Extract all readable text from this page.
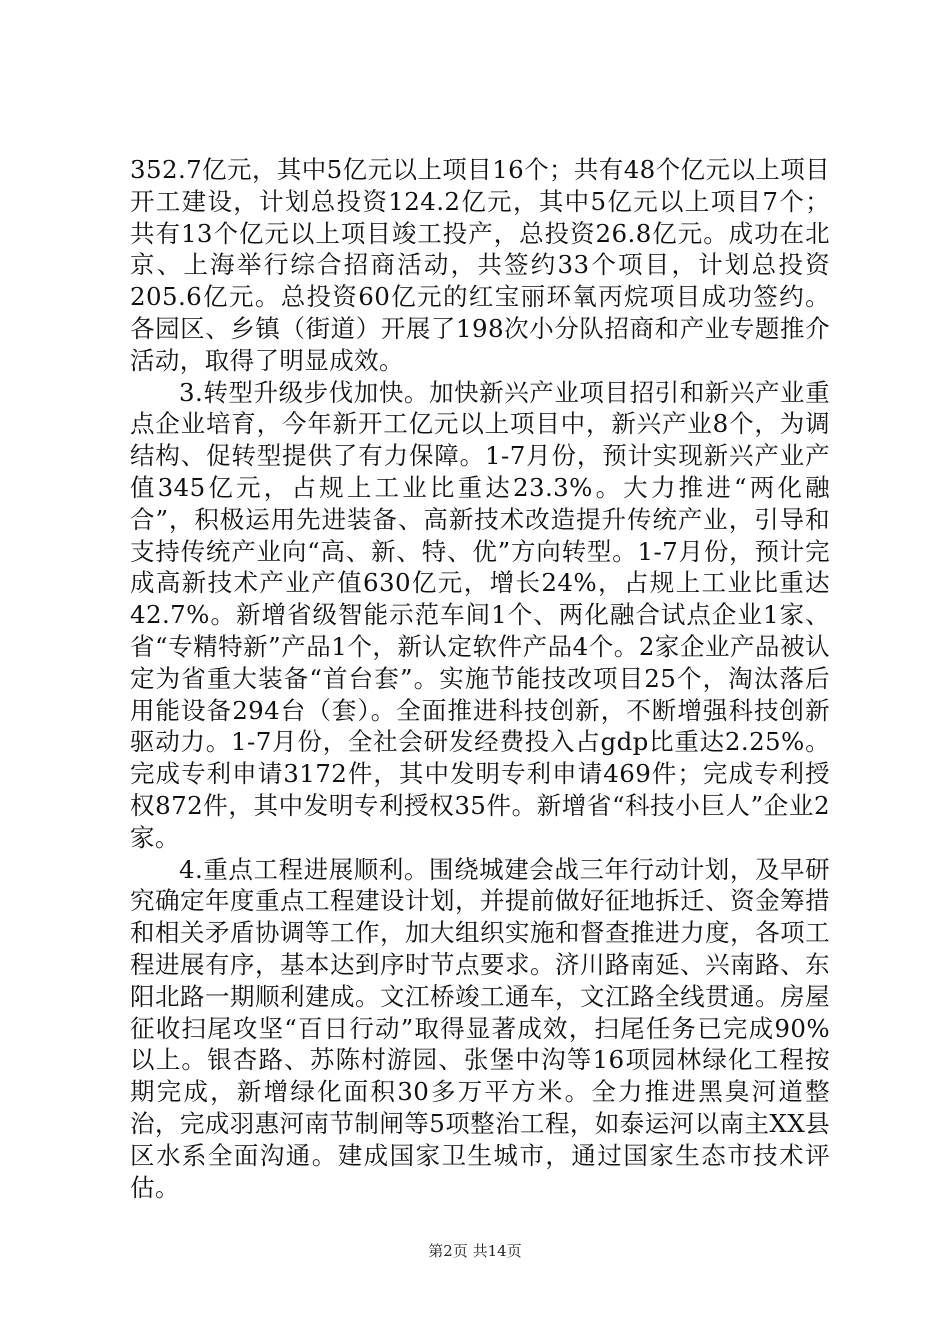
352.7亿元，其中5亿元以上项目16个；共有48个亿元以上项目开工建设，计划总投资124.2亿元，其中5亿元以上项目7个；共有13个亿元以上项目竣工投产，总投资26.8亿元。成功在北京、上海举行综合招商活动，共签约33个项目，计划总投资205.6亿元。总投资60亿元的红宝丽环氧丙烷项目成功签约。各园区、乡镇（街道）开展了198次小分队招商和产业专题推介活动，取得了明显成效。

3.转型升级步伐加快。加快新兴产业项目招引和新兴产业重点企业培育，今年新开工亿元以上项目中，新兴产业8个，为调结构、促转型提供了有力保障。1-7月份，预计实现新兴产业产值345亿元，占规上工业比重达23.3%。大力推进“两化融合”，积极运用先进装备、高新技术改造提升传统产业，引导和支持传统产业向“高、新、特、优”方向转型。1-7月份，预计完成高新技术产业产值630亿元，增长24%，占规上工业比重达42.7%。新增省级智能示范车间1个、两化融合试点企业1家、省“专精特新”产品1个，新认定软件产品4个。2家企业产品被认定为省重大装备“首台套”。实施节能技改项目25个，淘汰落后用能设备294台（套）。全面推进科技创新，不断增强科技创新驱动力。1-7月份，全社会研发经费投入占gdp比重达2.25%。完成专利申请3172件，其中发明专利申请469件；完成专利授权872件，其中发明专利授权35件。新增省“科技小巨人”企业2家。

4.重点工程进展顺利。围绕城建会战三年行动计划，及早研究确定年度重点工程建设计划，并提前做好征地拆迁、资金筹措和相关矛盾协调等工作，加大组织实施和督查推进力度，各项工程进展有序，基本达到序时节点要求。济川路南延、兴南路、东阳北路一期顺利建成。文江桥竣工通车，文江路全线贯通。房屋征收扫尾攻坚“百日行动”取得显著成效，扫尾任务已完成90%以上。银杏路、苏陈村游园、张堡中沟等16项园林绿化工程按期完成，新增绿化面积30多万平方米。全力推进黑臭河道整治，完成羽惠河南节制闸等5项整治工程，如泰运河以南主XX县区水系全面沟通。建成国家卫生城市，通过国家生态市技术评估。

第2页 共14页
